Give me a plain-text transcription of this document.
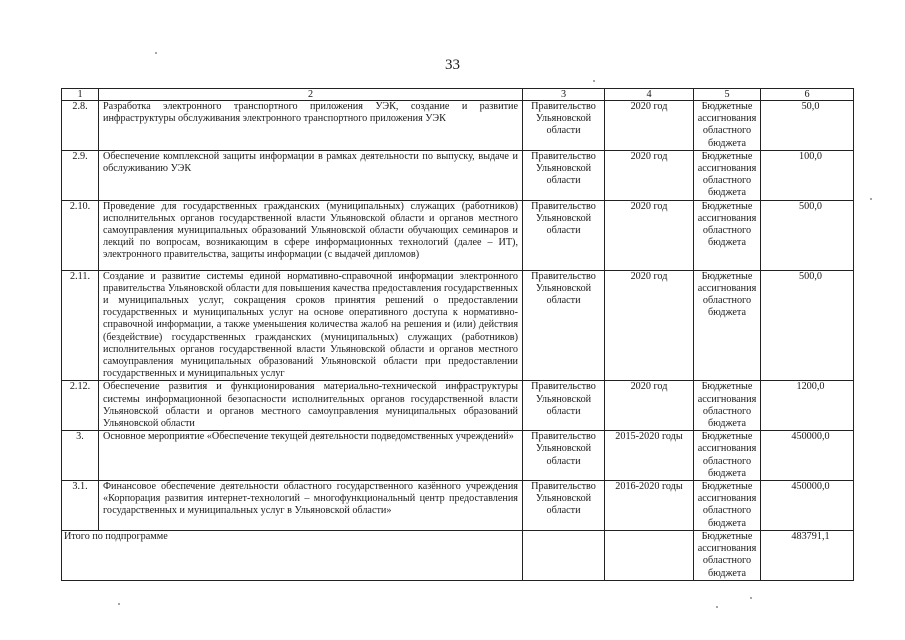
33
1	2	3	4	5	6
2.8.	Разработка электронного транспортного приложения УЭК, создание и развитие инфраструктуры обслуживания электронного транспортного приложения УЭК	Правительство Ульяновской области	2020 год	Бюджетные ассигнования областного бюджета	50,0
2.9.	Обеспечение комплексной защиты информации в рамках деятельности по выпуску, выдаче и обслуживанию УЭК	Правительство Ульяновской области	2020 год	Бюджетные ассигнования областного бюджета	100,0
2.10.	Проведение для государственных гражданских (муниципальных) служащих (работников) исполнительных органов государственной власти Ульяновской области и органов местного самоуправления муниципальных образований Ульяновской области обучающих семинаров и лекций по вопросам, возникающим в сфере информационных технологий (далее – ИТ), электронного правительства, защиты информации (с выдачей дипломов)	Правительство Ульяновской области	2020 год	Бюджетные ассигнования областного бюджета	500,0
2.11.	Создание и развитие системы единой нормативно-справочной информации электронного правительства Ульяновской области для повышения качества предоставления государственных и муниципальных услуг, сокращения сроков принятия решений о предоставлении государственных и муниципальных услуг на основе оперативного доступа к нормативно-справочной информации, а также уменьшения количества жалоб на решения и (или) действия (бездействие) государственных гражданских (муниципальных) служащих (работников) исполнительных органов государственной власти Ульяновской области и органов местного самоуправления муниципальных образований Ульяновской области при предоставлении государственных и муниципальных услуг	Правительство Ульяновской области	2020 год	Бюджетные ассигнования областного бюджета	500,0
2.12.	Обеспечение развития и функционирования материально-технической инфраструктуры системы информационной безопасности исполнительных органов государственной власти Ульяновской области и органов местного самоуправления муниципальных образований Ульяновской области	Правительство Ульяновской области	2020 год	Бюджетные ассигнования областного бюджета	1200,0
3.	Основное мероприятие «Обеспечение текущей деятельности подведомственных учреждений»	Правительство Ульяновской области	2015-2020 годы	Бюджетные ассигнования областного бюджета	450000,0
3.1.	Финансовое обеспечение деятельности областного государственного казённого учреждения «Корпорация развития интернет-технологий – многофункциональный центр предоставления государственных и муниципальных услуг в Ульяновской области»	Правительство Ульяновской области	2016-2020 годы	Бюджетные ассигнования областного бюджета	450000,0
Итого по подпрограмме				Бюджетные ассигнования областного бюджета	483791,1
